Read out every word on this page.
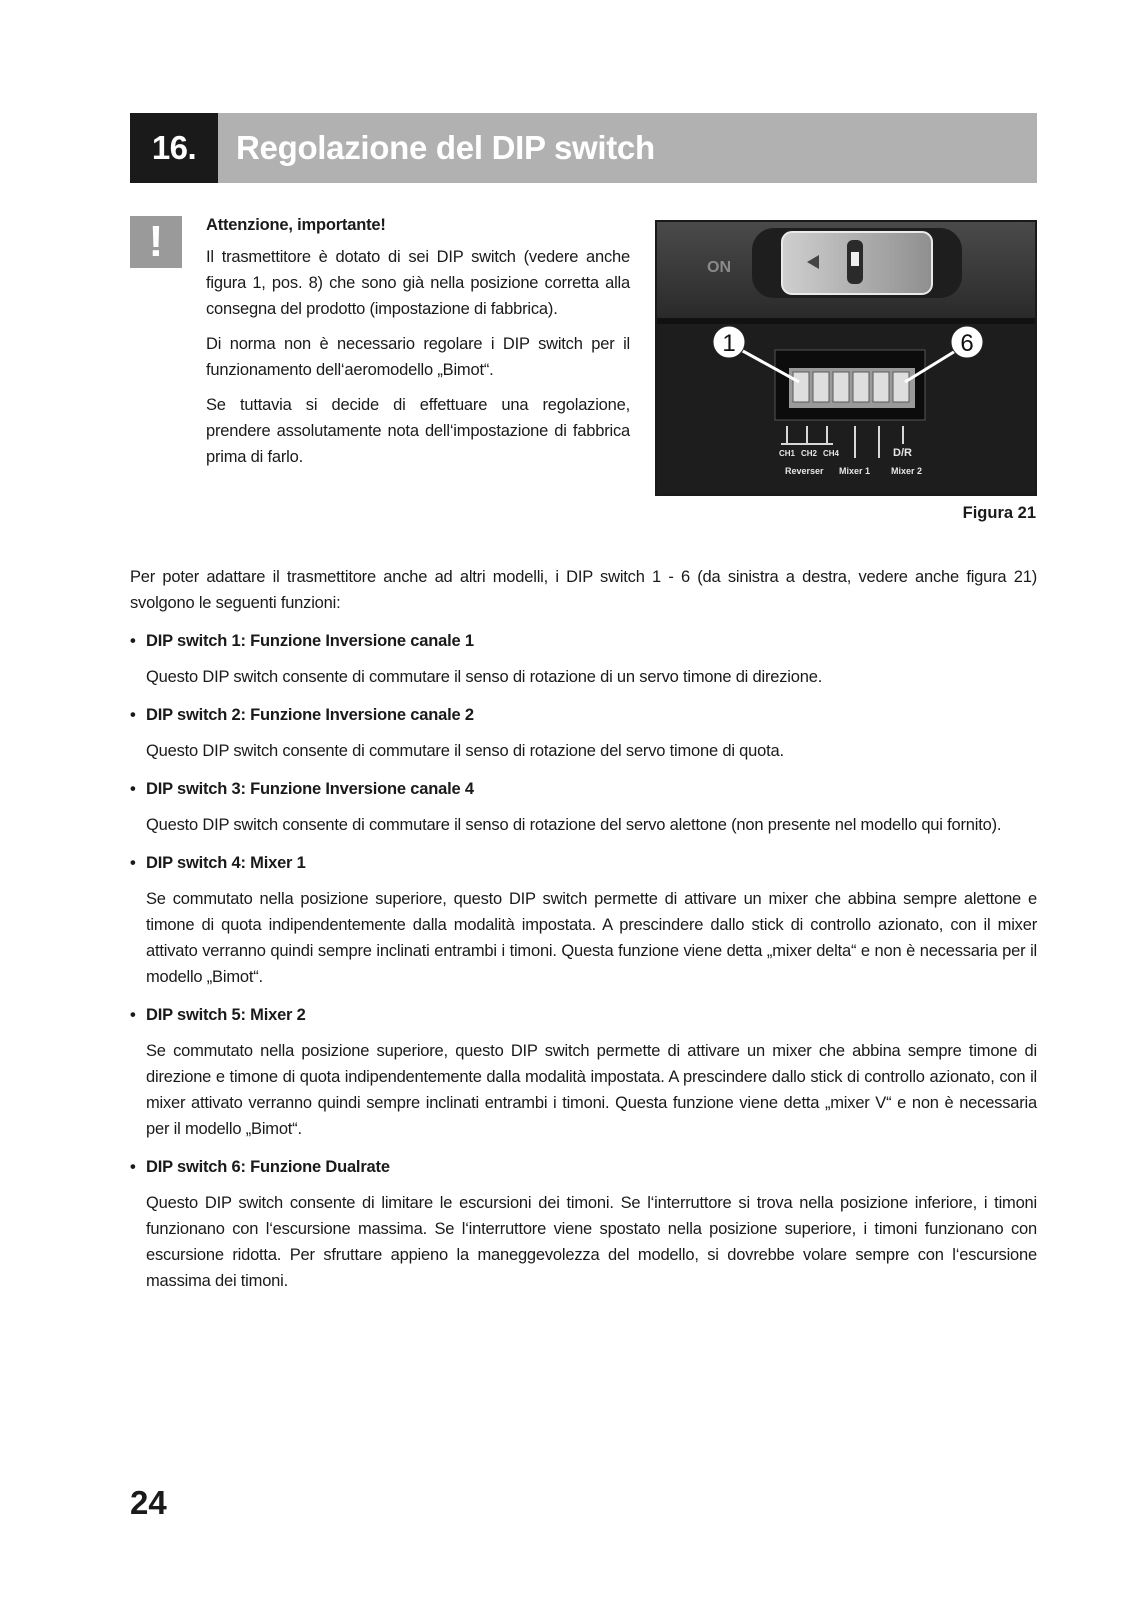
16.	Regolazione del DIP switch
!	Attenzione, importante!

Il trasmettitore è dotato di sei DIP switch (vedere anche figura 1, pos. 8) che sono già nella posizione corretta alla consegna del prodotto (impostazione di fabbrica).

Di norma non è necessario regolare i DIP switch per il funzionamento dell‘aeromodello „Bimot“.

Se tuttavia si decide di effettuare una regolazione, prendere assolutamente nota dell‘impostazione di fabbrica prima di farlo.

ON
1	6
CH1 CH2 CH4	D/R
Reverser Mixer 1 Mixer 2
Figura 21

Per poter adattare il trasmettitore anche ad altri modelli, i DIP switch 1 - 6 (da sinistra a destra, vedere anche figura 21) svolgono le seguenti funzioni:

• DIP switch 1: Funzione Inversione canale 1

Questo DIP switch consente di commutare il senso di rotazione di un servo timone di direzione.

• DIP switch 2: Funzione Inversione canale 2

Questo DIP switch consente di commutare il senso di rotazione del servo timone di quota.

• DIP switch 3: Funzione Inversione canale 4

Questo DIP switch consente di commutare il senso di rotazione del servo alettone (non presente nel modello qui fornito).

• DIP switch 4: Mixer 1

Se commutato nella posizione superiore, questo DIP switch permette di attivare un mixer che abbina sempre alettone e timone di quota indipendentemente dalla modalità impostata. A prescindere dallo stick di controllo azionato, con il mixer attivato verranno quindi sempre inclinati entrambi i timoni. Questa funzione viene detta „mixer delta“ e non è necessaria per il modello „Bimot“.

• DIP switch 5: Mixer 2

Se commutato nella posizione superiore, questo DIP switch permette di attivare un mixer che abbina sempre timone di direzione e timone di quota indipendentemente dalla modalità impostata. A prescindere dallo stick di controllo azionato, con il mixer attivato verranno quindi sempre inclinati entrambi i timoni. Questa funzione viene detta „mixer V“ e non è necessaria per il modello „Bimot“.

• DIP switch 6: Funzione Dualrate

Questo DIP switch consente di limitare le escursioni dei timoni. Se l‘interruttore si trova nella posizione inferiore, i timoni funzionano con l‘escursione massima. Se l‘interruttore viene spostato nella posizione superiore, i timoni funzionano con escursione ridotta. Per sfruttare appieno la maneggevolezza del modello, si dovrebbe volare sempre con l‘escursione massima dei timoni.

24
